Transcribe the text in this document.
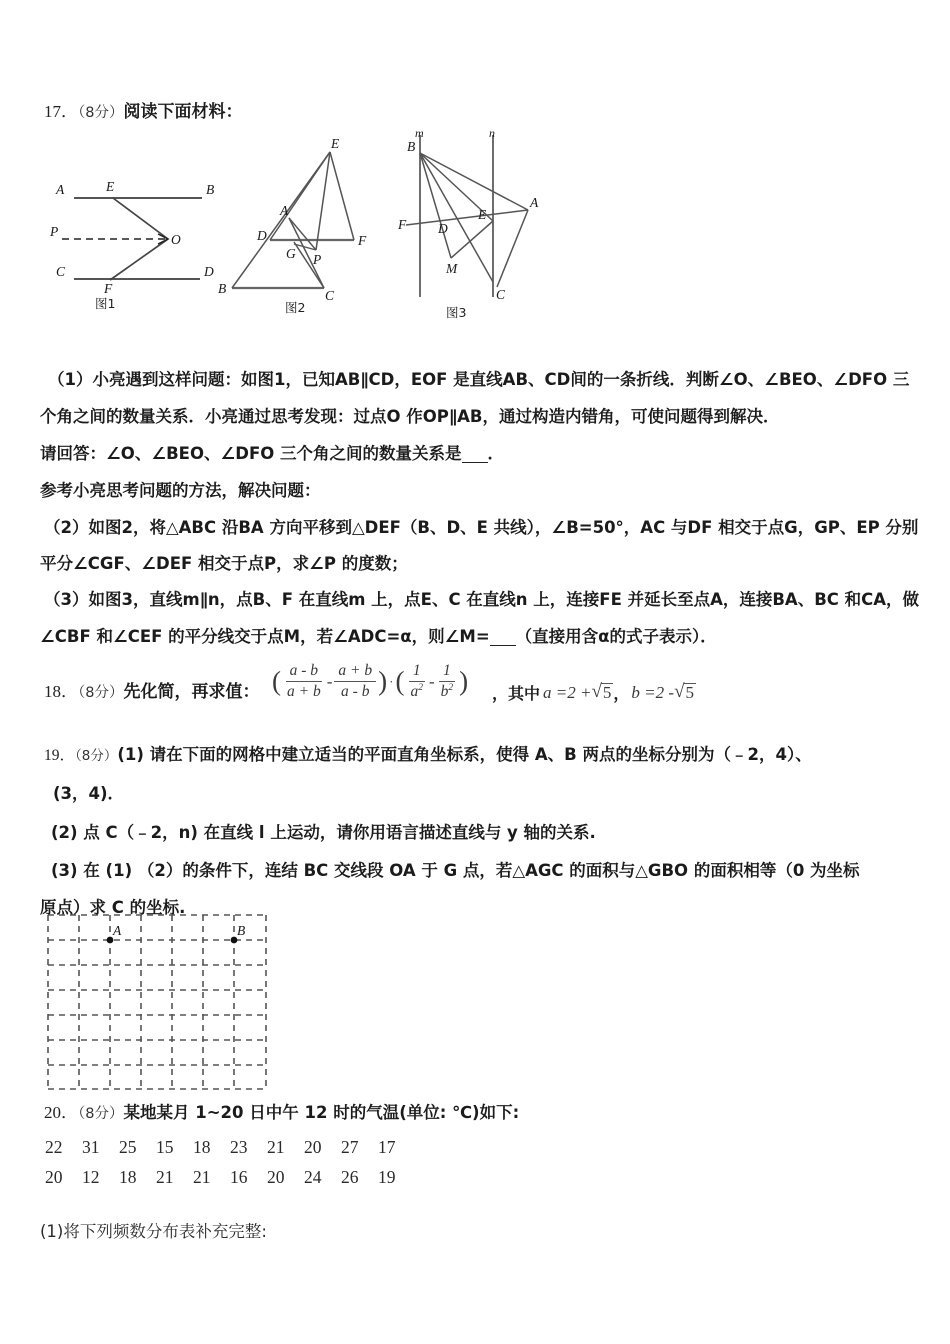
17．（8分）阅读下面材料：
A	E	B
P
O
C
F
D
图1
E
A
D
G P
F
B	C
图2
m	n
B
A
F D
E
M
C
图3
（1）小亮遇到这样问题：如图1，已知AB∥CD，EOF 是直线AB、CD间的一条折线．判断∠O、∠BEO、∠DFO 三
个角之间的数量关系．小亮通过思考发现：过点O 作OP∥AB，通过构造内错角，可使问题得到解决．
请回答：∠O、∠BEO、∠DFO 三个角之间的数量关系是 ．
参考小亮思考问题的方法，解决问题：
（2）如图2，将△ABC 沿BA 方向平移到△DEF（B、D、E 共线），∠B=50°，AC 与DF 相交于点G，GP、EP 分别
平分∠CGF、∠DEF 相交于点P，求∠P 的度数；
（3）如图3，直线m∥n，点B、F 在直线m 上，点E、C 在直线n 上，连接FE 并延长至点A，连接BA、BC 和CA，做
∠CBF 和∠CEF 的平分线交于点M，若∠ADC=α，则∠M= （直接用含α的式子表示）．
18．（8分）先化简，再求值： ( $\frac{a - b}{a + b} - \frac{a + b}{a - b}$ ) · ( $\frac{1}{a^2} - \frac{1}{b^2}$ ) ，其中 a =2 + √ 5 ， b =2 - √ 5
19．（8分）(1) 请在下面的网格中建立适当的平面直角坐标系，使得 A、B 两点的坐标分别为（﹣2，4）、
(3，4)．
(2) 点 C（﹣2，n) 在直线 l 上运动，请你用语言描述直线与 y 轴的关系.
(3) 在 (1) （2）的条件下，连结 BC 交线段 OA 于 G 点，若△AGC 的面积与△GBO 的面积相等（0 为坐标
原点）求 C 的坐标.
A	B
20．（8分）某地某月 1~20 日中午 12 时的气温(单位: ℃)如下:
22 31 25 15 18 23 21 20 27 17
20 12 18 21 21 16 20 24 26 19
(1)将下列频数分布表补充完整:
